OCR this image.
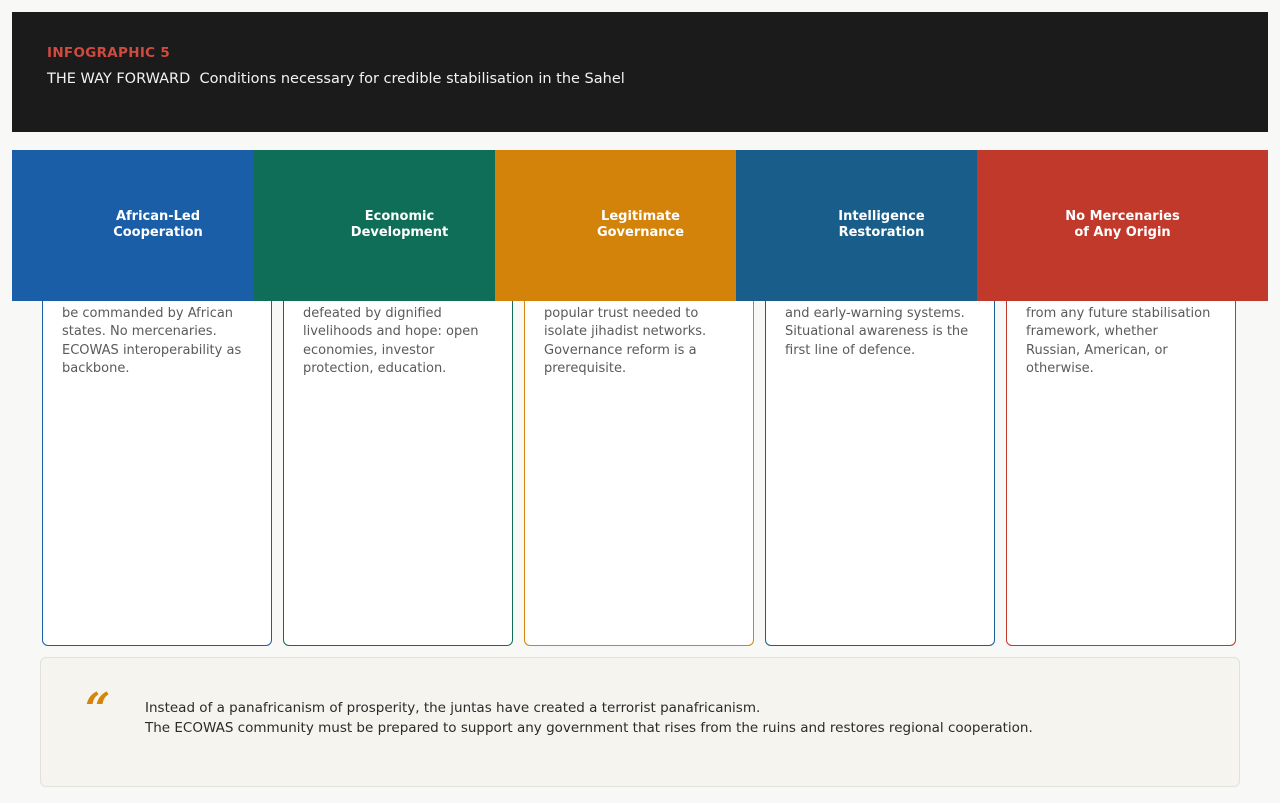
INFOGRAPHIC 5
THE WAY FORWARD  Conditions necessary for credible stabilisation in the Sahel
be commanded by African states. No mercenaries. ECOWAS interoperability as backbone.
defeated by dignified livelihoods and hope: open economies, investor protection, education.
popular trust needed to isolate jihadist networks. Governance reform is a prerequisite.
and early-warning systems. Situational awareness is the first line of defence.
from any future stabilisation framework, whether Russian, American, or otherwise.
African-Led Cooperation
Economic Development
Legitimate Governance
Intelligence Restoration
No Mercenaries of Any Origin
“	Instead of a panafricanism of prosperity, the juntas have created a terrorist panafricanism.
The ECOWAS community must be prepared to support any government that rises from the ruins and restores regional cooperation.
